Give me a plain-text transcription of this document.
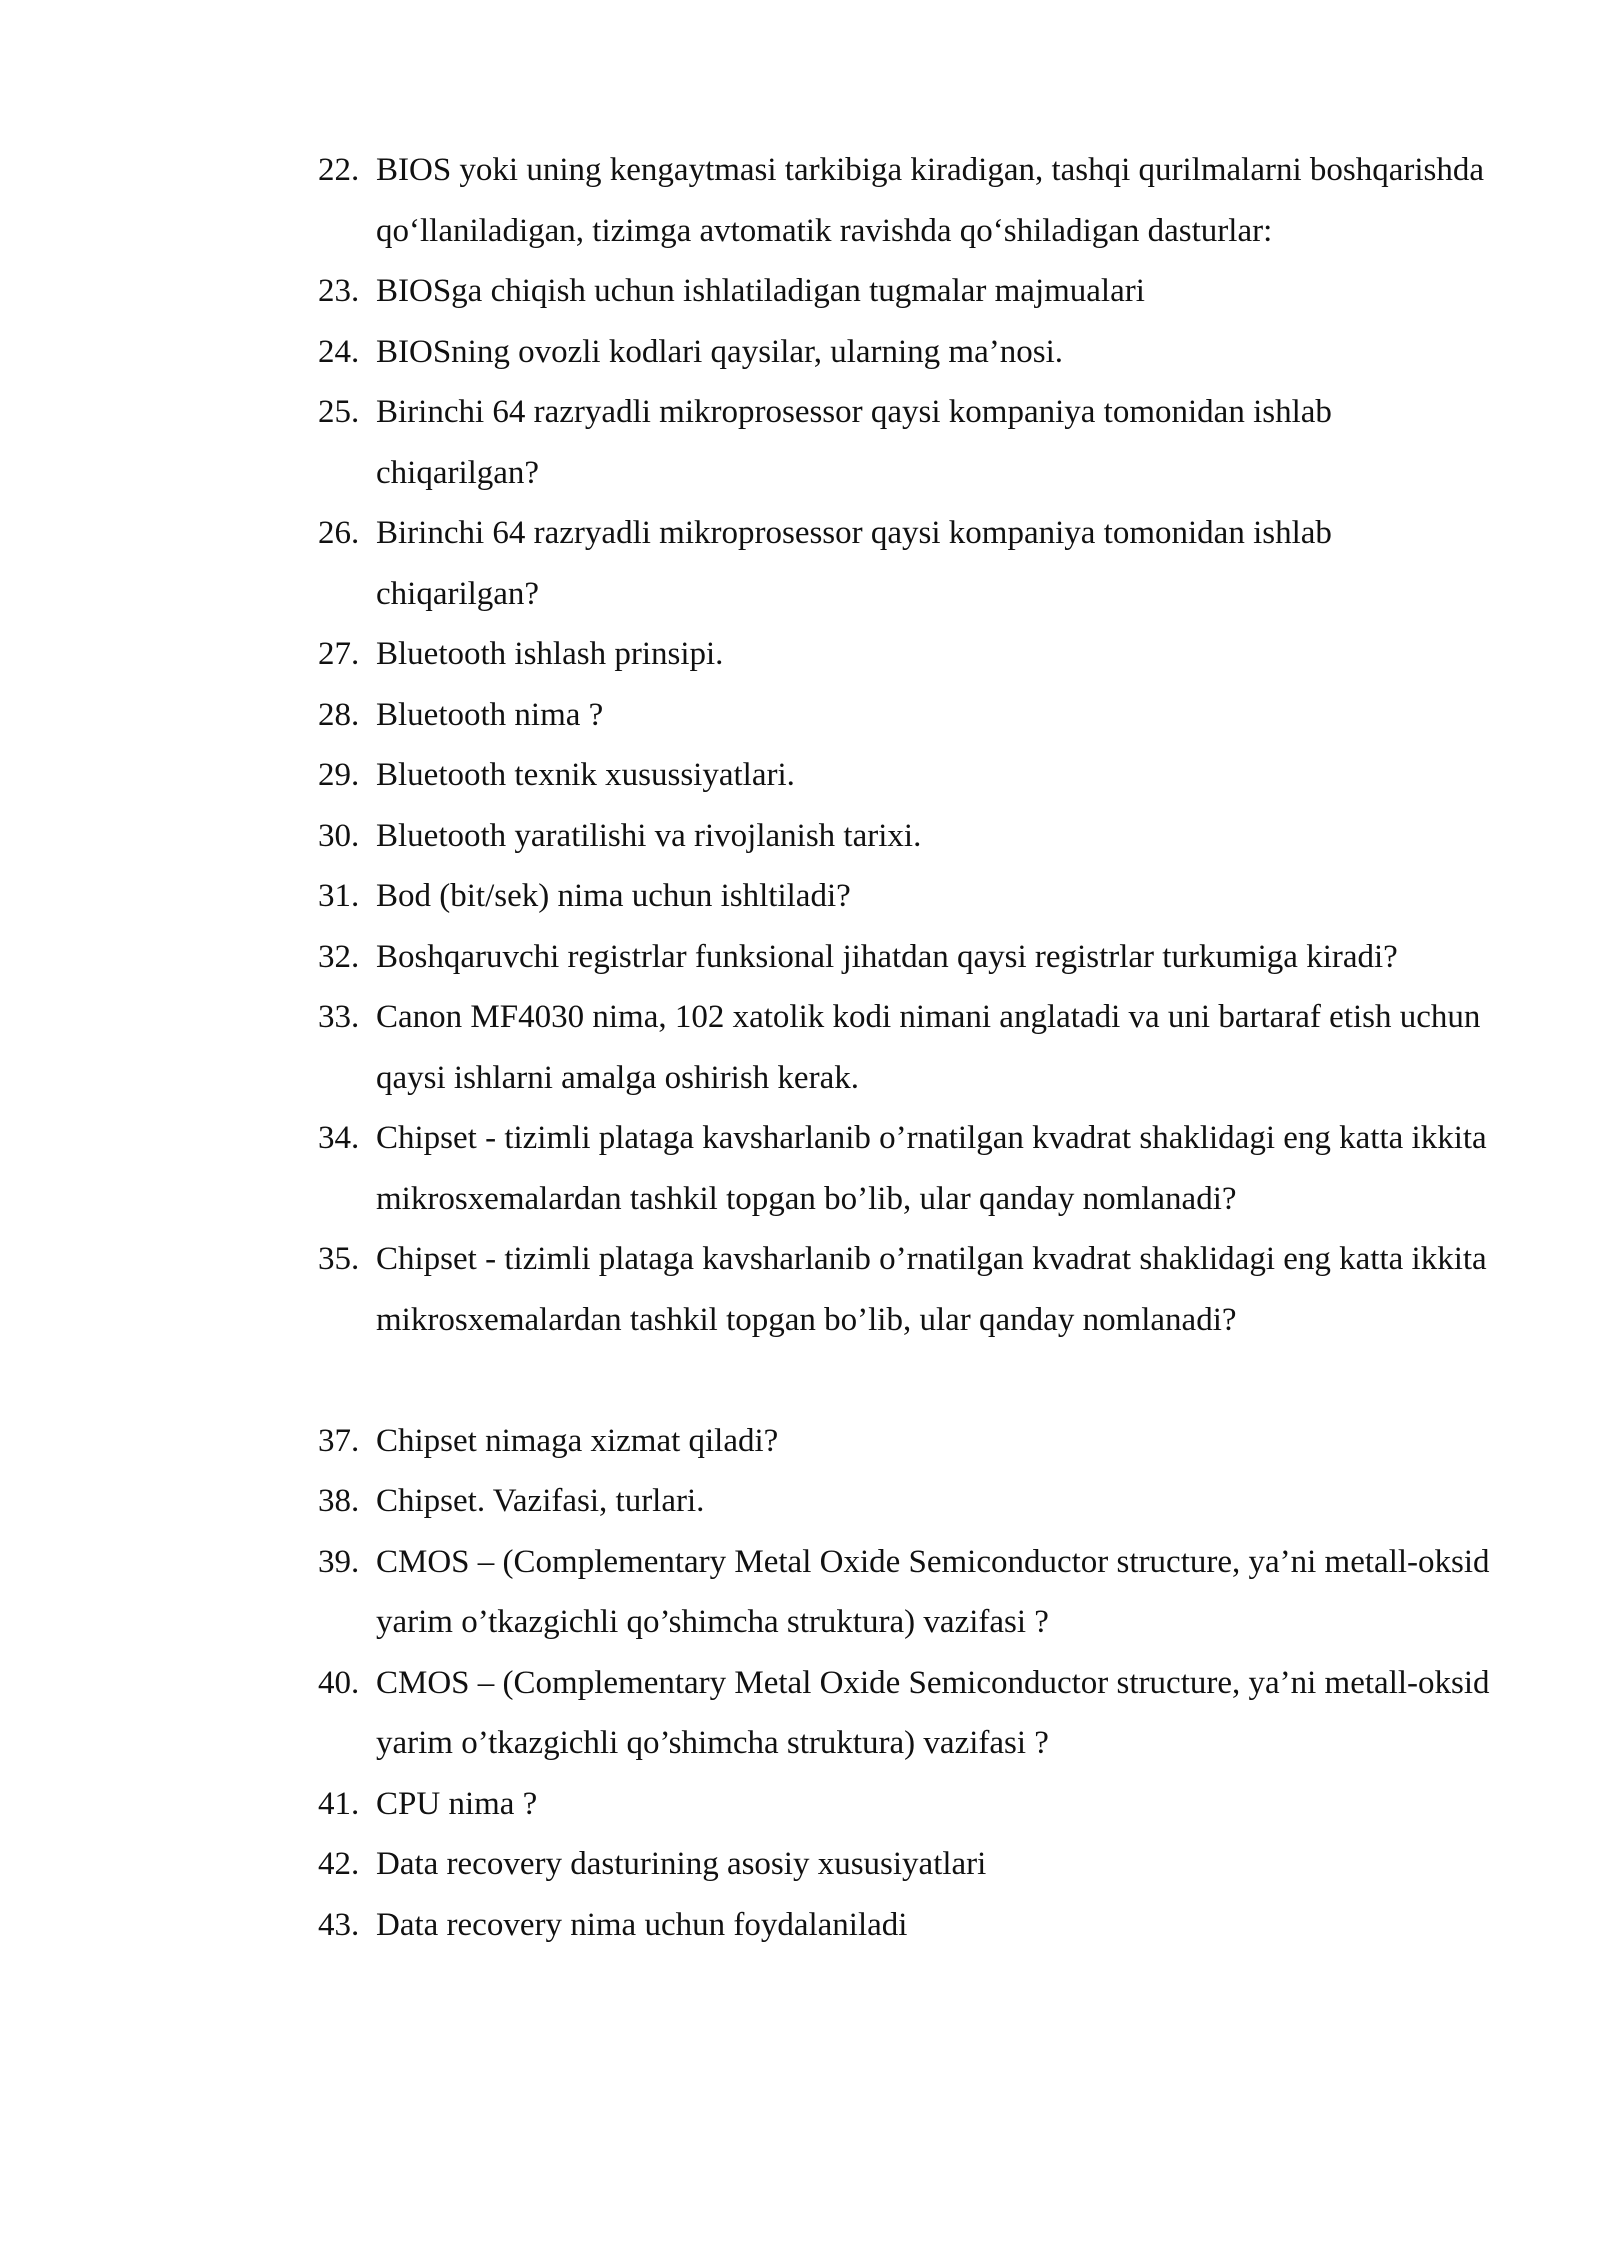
22. BIOS yoki uning kengaytmasi tarkibiga kiradigan, tashqi qurilmalarni boshqarishda qo‘llaniladigan, tizimga avtomatik ravishda qo‘shiladigan dasturlar:
23. BIOSga chiqish uchun ishlatiladigan tugmalar majmualari
24. BIOSning ovozli kodlari qaysilar, ularning ma’nosi.
25. Birinchi 64 razryadli mikroprosessor qaysi kompaniya tomonidan ishlab chiqarilgan?
26. Birinchi 64 razryadli mikroprosessor qaysi kompaniya tomonidan ishlab chiqarilgan?
27. Bluetooth ishlash prinsipi.
28. Bluetooth nima ?
29. Bluetooth texnik xusussiyatlari.
30. Bluetooth yaratilishi va rivojlanish tarixi.
31. Bod (bit/sek) nima uchun ishltiladi?
32. Boshqaruvchi registrlar funksional jihatdan qaysi registrlar turkumiga kiradi?
33. Canon MF4030 nima, 102 xatolik kodi nimani anglatadi va uni bartaraf etish uchun qaysi ishlarni amalga oshirish kerak.
34. Chipset - tizimli plataga kavsharlanib o’rnatilgan kvadrat shaklidagi eng katta ikkita mikrosxemalardan tashkil topgan bo’lib, ular qanday nomlanadi?
35. Chipset - tizimli plataga kavsharlanib o’rnatilgan kvadrat shaklidagi eng katta ikkita mikrosxemalardan tashkil topgan bo’lib, ular qanday nomlanadi?
37. Chipset nimaga xizmat qiladi?
38. Chipset. Vazifasi, turlari.
39. CMOS – (Complementary Metal Oxide Semiconductor structure, ya’ni metall-oksid yarim o’tkazgichli qo’shimcha struktura) vazifasi ?
40. CMOS – (Complementary Metal Oxide Semiconductor structure, ya’ni metall-oksid yarim o’tkazgichli qo’shimcha struktura) vazifasi ?
41. CPU nima ?
42. Data recovery dasturining asosiy xususiyatlari
43. Data recovery nima uchun foydalaniladi
